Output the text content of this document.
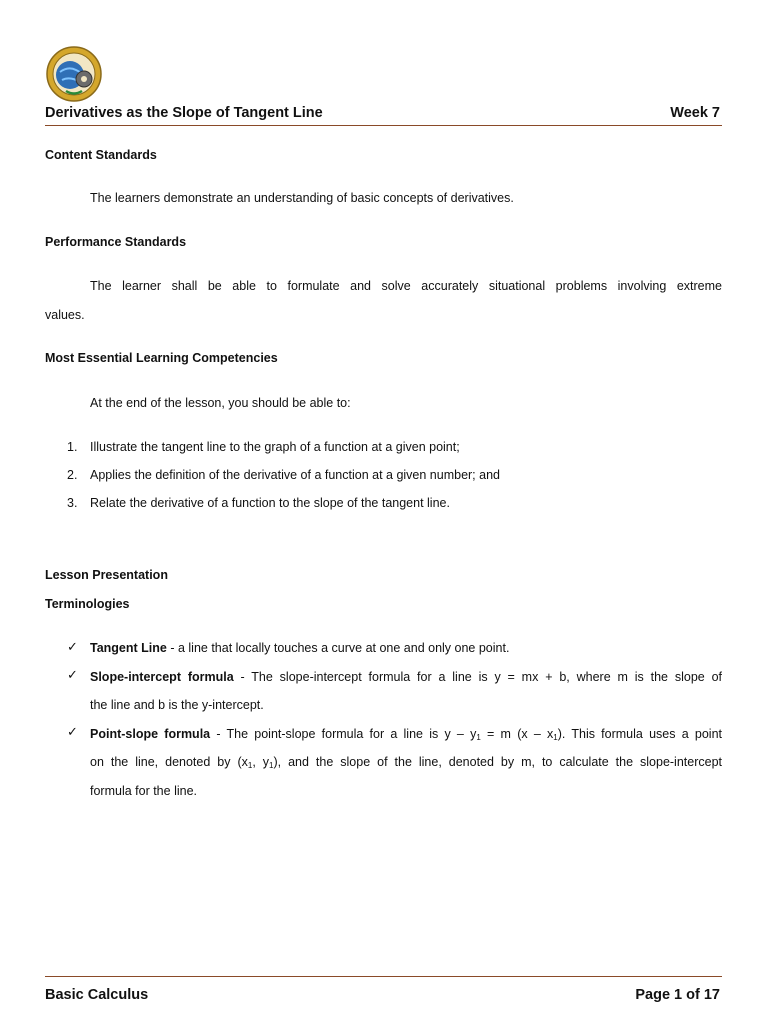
Derivatives as the Slope of Tangent Line	Week 7
Content Standards
The learners demonstrate an understanding of basic concepts of derivatives.
Performance Standards
The learner shall be able to formulate and solve accurately situational problems involving extreme
values.
Most Essential Learning Competencies
At the end of the lesson, you should be able to:
1. Illustrate the tangent line to the graph of a function at a given point;
2. Applies the definition of the derivative of a function at a given number; and
3. Relate the derivative of a function to the slope of the tangent line.
Lesson Presentation
Terminologies
✓ Tangent Line - a line that locally touches a curve at one and only one point.
✓ Slope-intercept formula - The slope-intercept formula for a line is y = mx + b, where m is the slope of
the line and b is the y-intercept.
✓ Point-slope formula - The point-slope formula for a line is $y - y_1 = m$ $(x - x_1)$. This formula uses a point
on the line, denoted by ($x_1$, $y_1$), and the slope of the line, denoted by m, to calculate the slope-intercept
formula for the line.
Basic Calculus	Page 1 of 17
